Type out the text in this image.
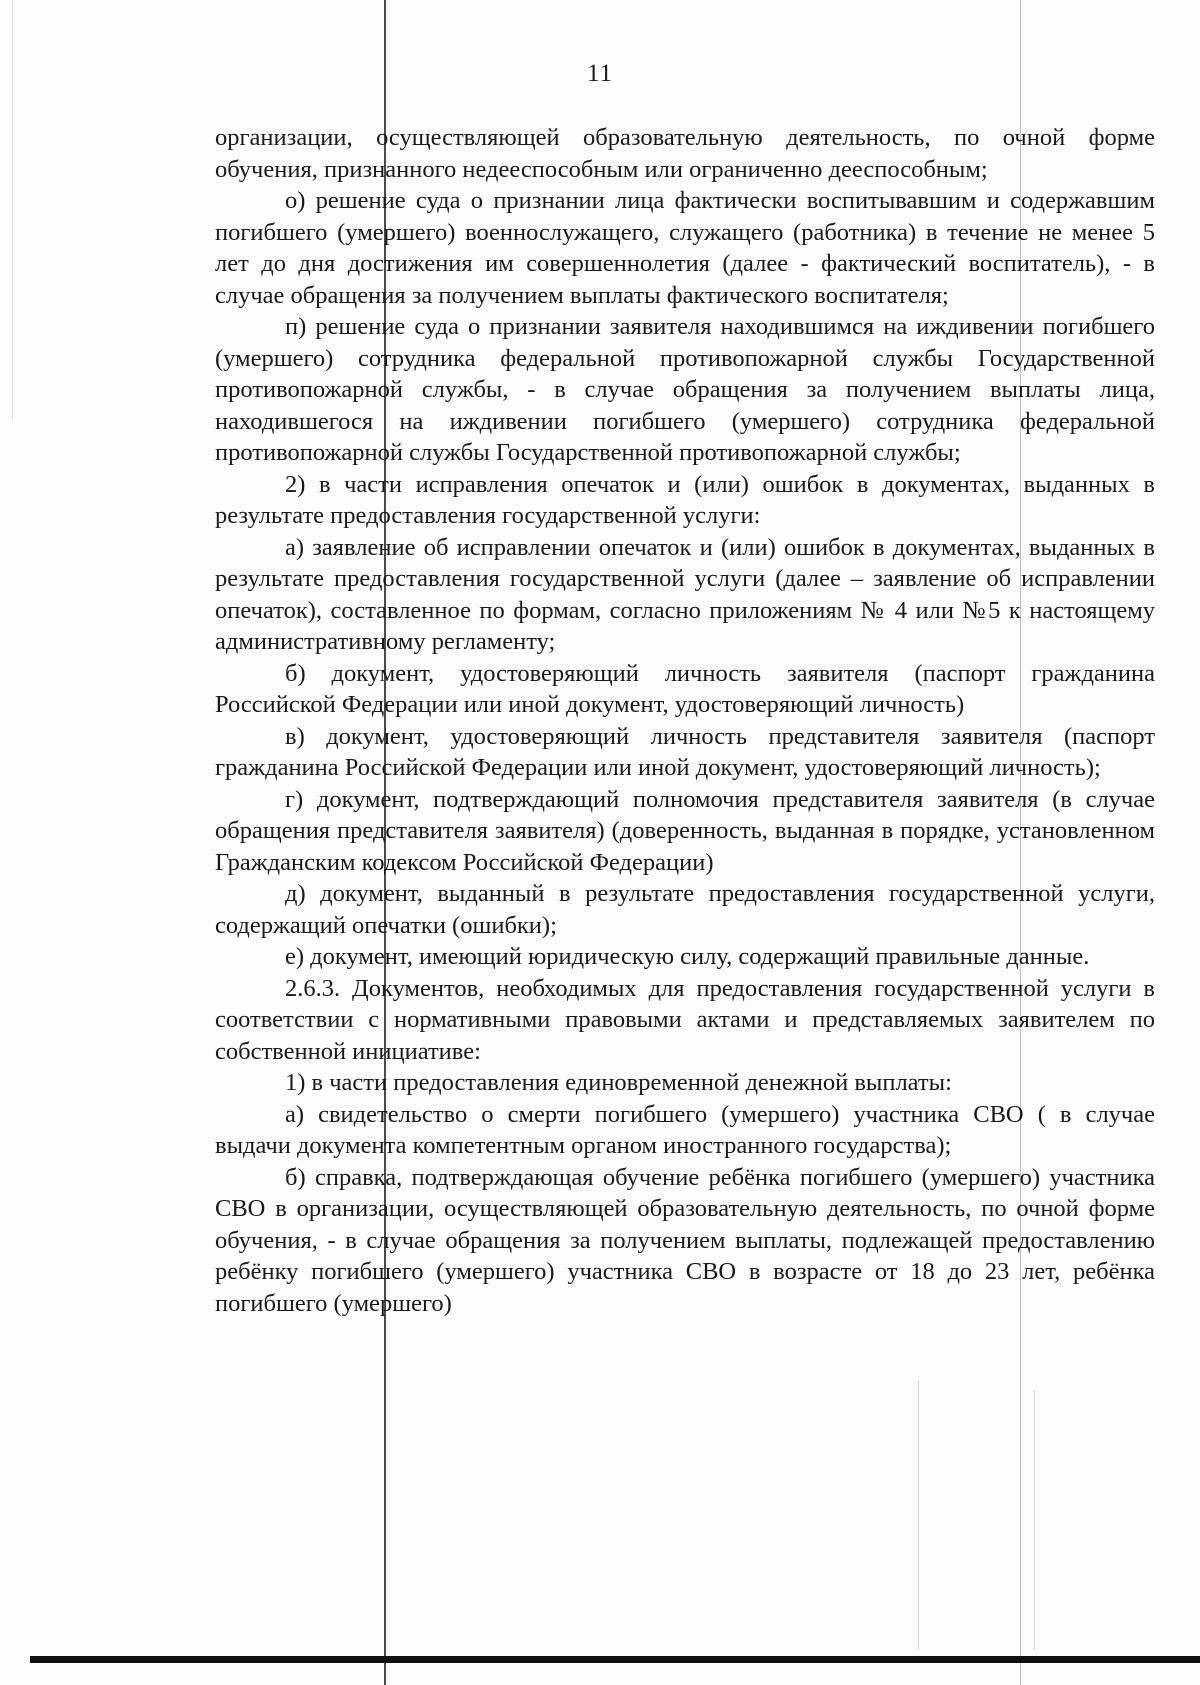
11

организации, осуществляющей образовательную деятельность, по очной форме обучения, признанного недееспособным или ограниченно дееспособным;

о) решение суда о признании лица фактически воспитывавшим и содержавшим погибшего (умершего) военнослужащего, служащего (работника) в течение не менее 5 лет до дня достижения им совершеннолетия (далее - фактический воспитатель), - в случае обращения за получением выплаты фактического воспитателя;

п) решение суда о признании заявителя находившимся на иждивении погибшего (умершего) сотрудника федеральной противопожарной службы Государственной противопожарной службы, - в случае обращения за получением выплаты лица, находившегося на иждивении погибшего (умершего) сотрудника федеральной противопожарной службы Государственной противопожарной службы;

2) в части исправления опечаток и (или) ошибок в документах, выданных в результате предоставления государственной услуги:

а) заявление об исправлении опечаток и (или) ошибок в документах, выданных в результате предоставления государственной услуги (далее – заявление об исправлении опечаток), составленное по формам, согласно приложениям № 4 или №5 к настоящему административному регламенту;

б) документ, удостоверяющий личность заявителя (паспорт гражданина Российской Федерации или иной документ, удостоверяющий личность)

в) документ, удостоверяющий личность представителя заявителя (паспорт гражданина Российской Федерации или иной документ, удостоверяющий личность);

г) документ, подтверждающий полномочия представителя заявителя (в случае обращения представителя заявителя) (доверенность, выданная в порядке, установленном Гражданским кодексом Российской Федерации)

д) документ, выданный в результате предоставления государственной услуги, содержащий опечатки (ошибки);

е) документ, имеющий юридическую силу, содержащий правильные данные.

2.6.3. Документов, необходимых для предоставления государственной услуги в соответствии с нормативными правовыми актами и представляемых заявителем по собственной инициативе:

1) в части предоставления единовременной денежной выплаты:

а) свидетельство о смерти погибшего (умершего) участника СВО ( в случае выдачи документа компетентным органом иностранного государства);

б) справка, подтверждающая обучение ребёнка погибшего (умершего) участника СВО в организации, осуществляющей образовательную деятельность, по очной форме обучения, - в случае обращения за получением выплаты, подлежащей предоставлению ребёнку погибшего (умершего) участника СВО в возрасте от 18 до 23 лет, ребёнка погибшего (умершего)
